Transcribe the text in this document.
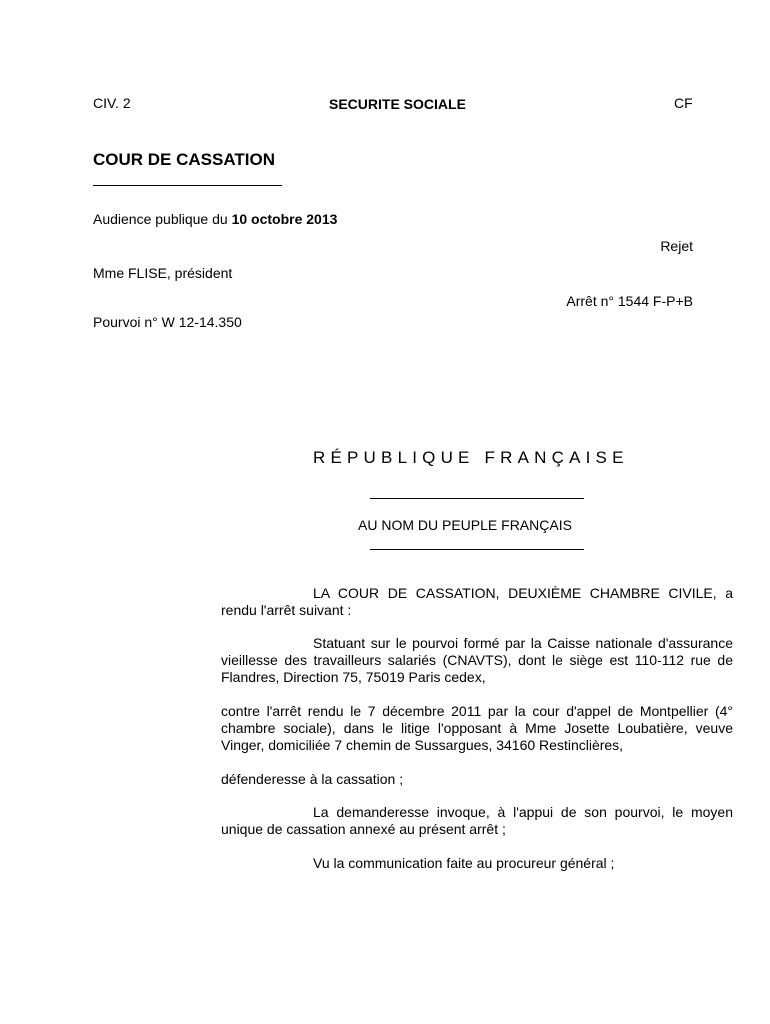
CIV. 2	SECURITE SOCIALE	CF
COUR DE CASSATION
Audience publique du 10 octobre 2013
Rejet
Mme FLISE, président
Arrêt n° 1544 F-P+B
Pourvoi n° W 12-14.350
RÉPUBLIQUE FRANÇAISE
AU NOM DU PEUPLE FRANÇAIS
LA COUR DE CASSATION, DEUXIÈME CHAMBRE CIVILE, a rendu l'arrêt suivant :
Statuant sur le pourvoi formé par la Caisse nationale d'assurance vieillesse des travailleurs salariés (CNAVTS), dont le siège est 110-112 rue de Flandres, Direction 75, 75019 Paris cedex,
contre l'arrêt rendu le 7 décembre 2011 par la cour d'appel de Montpellier (4° chambre sociale), dans le litige l'opposant à Mme Josette Loubatière, veuve Vinger, domiciliée 7 chemin de Sussargues, 34160 Restinclières,
défenderesse à la cassation ;
La demanderesse invoque, à l'appui de son pourvoi, le moyen unique de cassation annexé au présent arrêt ;
Vu la communication faite au procureur général ;
